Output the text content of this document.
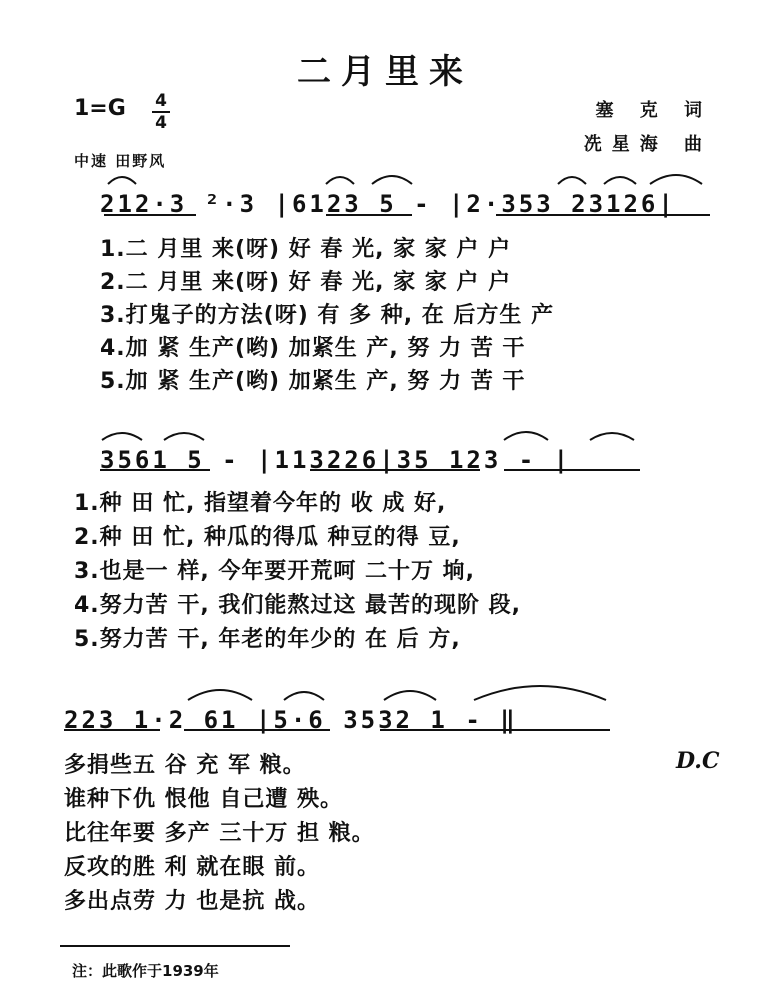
二月里来
1=G 4
4
塞 克 词
冼星海 曲
中速 田野风
212·3 ²·3 |6123 5 - |2·353 23126|
1.二 月里 来(呀) 好 春 光, 家 家 户 户
2.二 月里 来(呀) 好 春 光, 家 家 户 户
3.打鬼子的方法(呀) 有 多 种, 在 后方生 产
4.加 紧 生产(哟) 加紧生 产, 努 力 苦 干
5.加 紧 生产(哟) 加紧生 产, 努 力 苦 干
3561 5 - |113226|35 123 - |
1.种 田 忙, 指望着今年的 收 成 好,
2.种 田 忙, 种瓜的得瓜 种豆的得 豆,
3.也是一 样, 今年要开荒呵 二十万 垧,
4.努力苦 干, 我们能熬过这 最苦的现阶 段,
5.努力苦 干, 年老的年少的 在 后 方,
223 1·2 61 |5·6 3532 1 - ‖
多捐些五 谷 充 军 粮。	D.C
谁种下仇 恨他 自己遭 殃。
比往年要 多产 三十万 担 粮。
反攻的胜 利 就在眼 前。
多出点劳 力 也是抗 战。
注：此歌作于1939年
